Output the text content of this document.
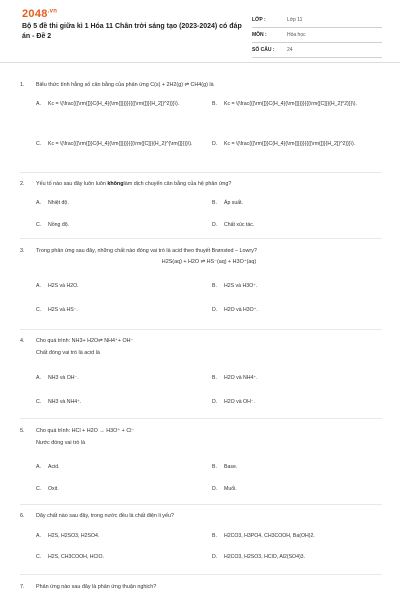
$2048^{.vn}$
Bộ 5 đề thi giữa kì 1 Hóa 11 Chân trời sáng tạo (2023-2024) có đáp án - Đề 2
LỚP :	Lớp 11
MÔN :	Hóa học
SỐ CÂU :	24
1. Biểu thức tính hằng số cân bằng của phản ứng C(s) + 2H2(g) ⇌ CH4(g) là
A. Kc = \(\frac{{{\rm{[}}C{H_4}{\rm{]}}}}{{{{\rm{[}}{H_2]}^2}}}\).	B. Kc = \(\frac{{{\rm{[}}C{H_4}{\rm{]}}}}{{{\rm{[C]}}{H_2]^2}}}\).
C. Kc = \(\frac{{{\rm{[}}C{H_4}{\rm{]}}}}{{{\rm{[C]}}{H_2}^{\rm{]}}}}\).	D. Kc = \(\frac{{{\rm{[}}C{H_4}{\rm{]}}}}{{{{\rm{[}}{H_2]}^2}}}\).
2. Yếu tố nào sau đây luôn luôn khônglàm dịch chuyển cân bằng của hệ phản ứng?
A. Nhiệt độ.	B. Áp suất.
C. Nồng độ.	D. Chất xúc tác.
3. Trong phản ứng sau đây, những chất nào đóng vai trò là acid theo thuyết Brønsted – Lowry?
H2S(aq) + H2O ⇌ HS⁻(aq) + H3O⁺(aq)
A. H2S và H2O.	B. H2S và H3O⁺.
C. H2S và HS⁻.	D. H2O và H3O⁺.
4. Cho quá trình: NH3+ H2O⇌ NH4⁺+ OH⁻
Chất đóng vai trò là acid là
A. NH3 và OH⁻.	B. H2O và NH4⁺.
C. NH3 và NH4⁺.	D. H2O và OH⁻.
5. Cho quá trình: HCl + H2O → H3O⁺ + Cl⁻
Nước đóng vai trò là
A. Acid.	B. Base.
C. Oxit.	D. Muối.
6. Dãy chất nào sau đây, trong nước đều là chất điện li yếu?
A. H2S, H2SO3, H2SO4.	B. H2CO3, H3PO4, CH3COOH, Ba(OH)2.
C. H2S, CH3COOH, HClO.	D. H2CO3, H2SO3, HClO, Al2(SO4)3.
7. Phản ứng nào sau đây là phản ứng thuận nghịch?
